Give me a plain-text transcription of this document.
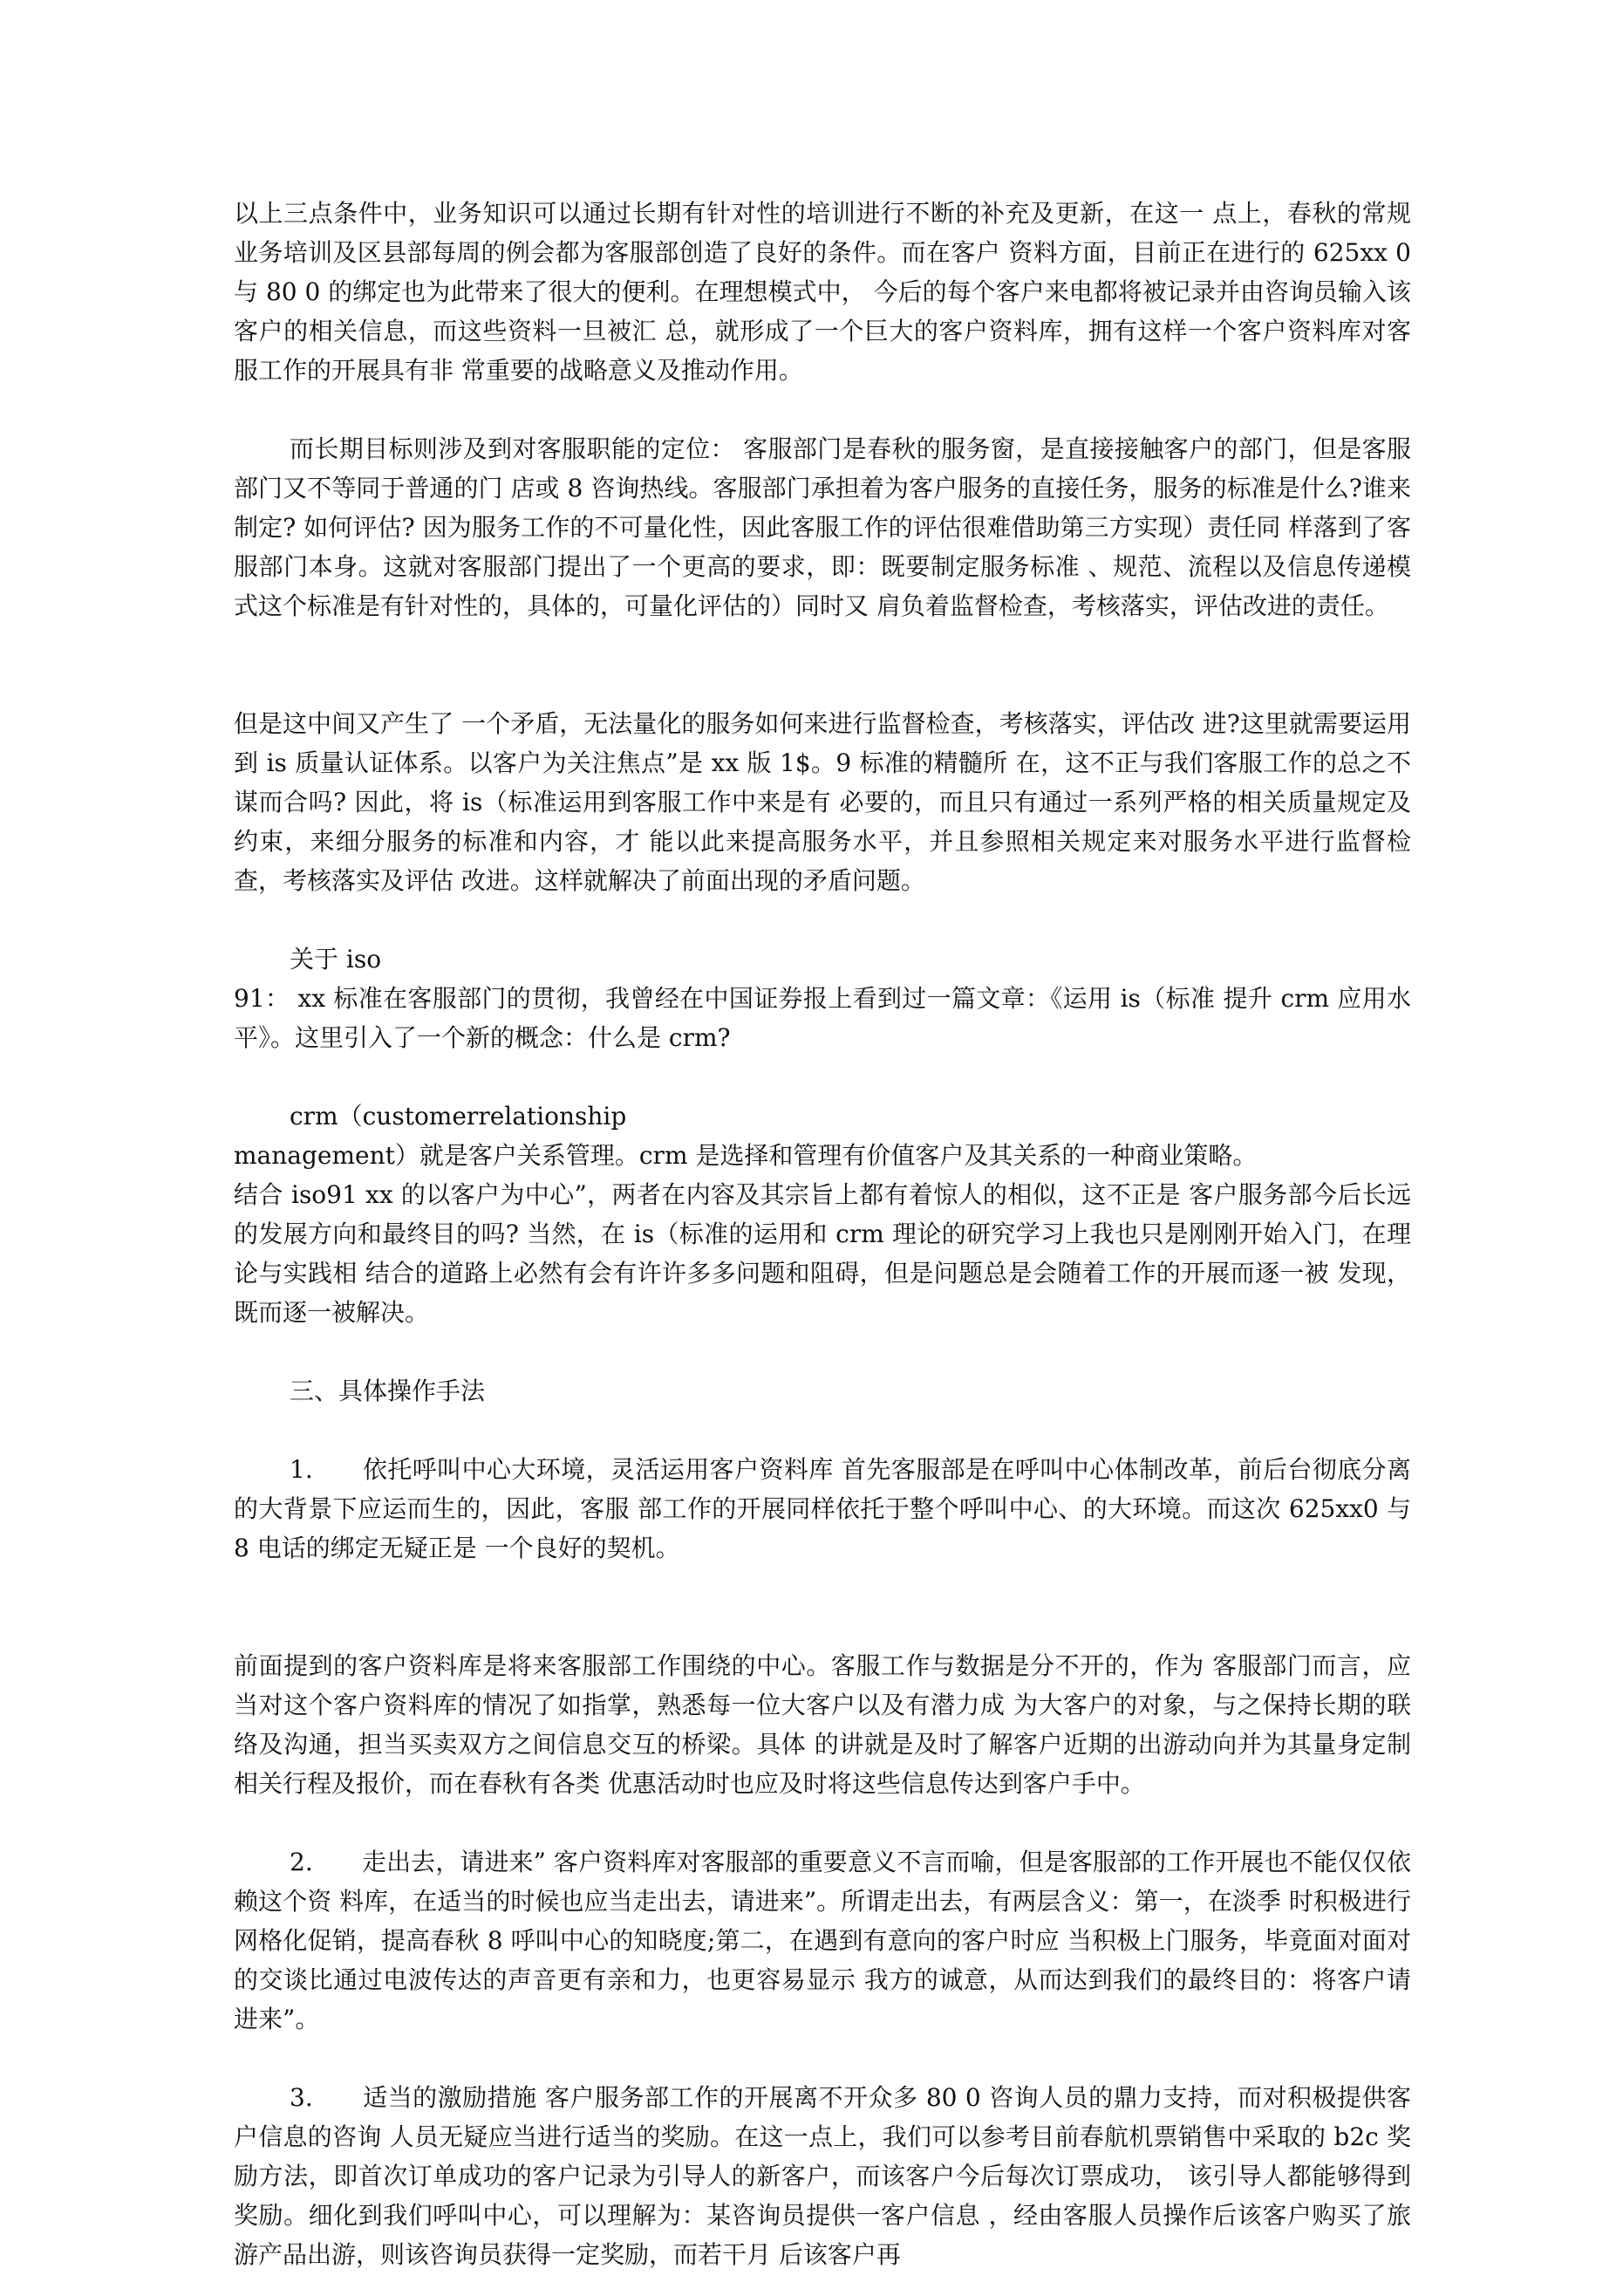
以上三点条件中，业务知识可以通过长期有针对性的培训进行不断的补充及更新，在这一 点上，春秋的常规业务培训及区县部每周的例会都为客服部创造了良好的条件。而在客户 资料方面，目前正在进行的 625xx 0 与 80 0 的绑定也为此带来了很大的便利。在理想模式中， 今后的每个客户来电都将被记录并由咨询员输入该客户的相关信息，而这些资料一旦被汇 总，就形成了一个巨大的客户资料库，拥有这样一个客户资料库对客服工作的开展具有非 常重要的战略意义及推动作用。

而长期目标则涉及到对客服职能的定位： 客服部门是春秋的服务窗，是直接接触客户的部门，但是客服部门又不等同于普通的门 店或 8 咨询热线。客服部门承担着为客户服务的直接任务，服务的标准是什么?谁来制定? 如何评估? 因为服务工作的不可量化性，因此客服工作的评估很难借助第三方实现）责任同 样落到了客服部门本身。这就对客服部门提出了一个更高的要求，即：既要制定服务标准 、规范、流程以及信息传递模式这个标准是有针对性的，具体的，可量化评估的）同时又 肩负着监督检查，考核落实，评估改进的责任。

但是这中间又产生了 一个矛盾，无法量化的服务如何来进行监督检查，考核落实，评估改 进?这里就需要运用到 is 质量认证体系。以客户为关注焦点”是 xx 版 1$。9 标准的精髓所 在，这不正与我们客服工作的总之不谋而合吗? 因此，将 is（标准运用到客服工作中来是有 必要的，而且只有通过一系列严格的相关质量规定及约束，来细分服务的标准和内容，才 能以此来提高服务水平，并且参照相关规定来对服务水平进行监督检查，考核落实及评估 改进。这样就解决了前面出现的矛盾问题。

关于 iso
91： xx 标准在客服部门的贯彻，我曾经在中国证券报上看到过一篇文章：《运用 is（标准 提升 crm 应用水平》。这里引入了一个新的概念：什么是 crm?
crm（customerrelationship
management）就是客户关系管理。crm 是选择和管理有价值客户及其关系的一种商业策略。
结合 iso91 xx 的以客户为中心”，两者在内容及其宗旨上都有着惊人的相似，这不正是 客户服务部今后长远的发展方向和最终目的吗? 当然，在 is（标准的运用和 crm 理论的研究学习上我也只是刚刚开始入门，在理论与实践相 结合的道路上必然有会有许许多多问题和阻碍，但是问题总是会随着工作的开展而逐一被 发现，既而逐一被解决。

三、具体操作手法

1.　　依托呼叫中心大环境，灵活运用客户资料库 首先客服部是在呼叫中心体制改革，前后台彻底分离的大背景下应运而生的，因此，客服 部工作的开展同样依托于整个呼叫中心、的大环境。而这次 625xx0 与 8 电话的绑定无疑正是 一个良好的契机。

前面提到的客户资料库是将来客服部工作围绕的中心。客服工作与数据是分不开的，作为 客服部门而言，应当对这个客户资料库的情况了如指掌，熟悉每一位大客户以及有潜力成 为大客户的对象，与之保持长期的联络及沟通，担当买卖双方之间信息交互的桥梁。具体 的讲就是及时了解客户近期的出游动向并为其量身定制相关行程及报价，而在春秋有各类 优惠活动时也应及时将这些信息传达到客户手中。

2.　　走出去，请进来” 客户资料库对客服部的重要意义不言而喻，但是客服部的工作开展也不能仅仅依赖这个资 料库，在适当的时候也应当走出去，请进来”。所谓走出去，有两层含义：第一，在淡季 时积极进行网格化促销，提高春秋 8 呼叫中心的知晓度;第二，在遇到有意向的客户时应 当积极上门服务，毕竟面对面对的交谈比通过电波传达的声音更有亲和力，也更容易显示 我方的诚意，从而达到我们的最终目的：将客户请进来”。

3.　　适当的激励措施 客户服务部工作的开展离不开众多 80 0 咨询人员的鼎力支持，而对积极提供客户信息的咨询 人员无疑应当进行适当的奖励。在这一点上，我们可以参考目前春航机票销售中采取的 b2c 奖励方法，即首次订单成功的客户记录为引导人的新客户，而该客户今后每次订票成功， 该引导人都能够得到奖励。细化到我们呼叫中心，可以理解为：某咨询员提供一客户信息 ，经由客服人员操作后该客户购买了旅游产品出游，则该咨询员获得一定奖励，而若干月 后该客户再
